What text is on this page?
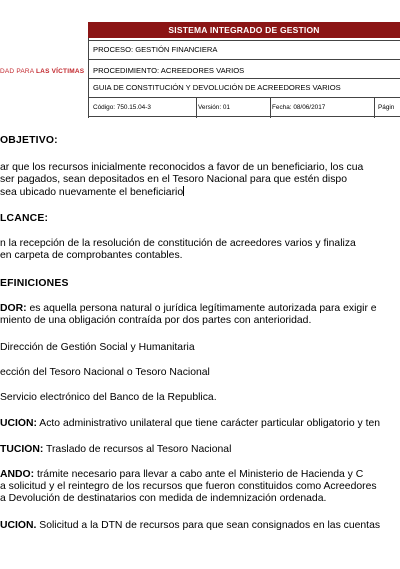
DAD PARA LAS VÍCTIMAS
SISTEMA INTEGRADO DE GESTION
PROCESO: GESTIÓN FINANCIERA
PROCEDIMIENTO: ACREEDORES VARIOS
GUIA DE CONSTITUCIÓN Y DEVOLUCIÓN DE ACREEDORES VARIOS
Código: 750.15.04-3	Versión: 01	Fecha: 08/06/2017	Págin
OBJETIVO:
ar que los recursos inicialmente reconocidos a favor de un beneficiario, los cua
ser pagados, sean depositados en el Tesoro Nacional para que estén dispo
sea ubicado nuevamente el beneficiario
LCANCE:
n la recepción de la resolución de constitución de acreedores varios y finaliza
en carpeta de comprobantes contables.
EFINICIONES
DOR: es aquella persona natural o jurídica legítimamente autorizada para exigir e
miento de una obligación contraída por dos partes con anterioridad.
Dirección de Gestión Social y Humanitaria
ección del Tesoro Nacional o Tesoro Nacional
Servicio electrónico del Banco de la Republica.
UCIÓN: Acto administrativo unilateral que tiene carácter particular obligatorio y ten
TUCIÓN: Traslado de recursos al Tesoro Nacional
ANDO: trámite necesario para llevar a cabo ante el Ministerio de Hacienda y C
a solicitud y el reintegro de los recursos que fueron constituidos como Acreedores
a Devolución de destinatarios con medida de indemnización ordenada.
UCIÓN. Solicitud a la DTN de recursos para que sean consignados en las cuentas
